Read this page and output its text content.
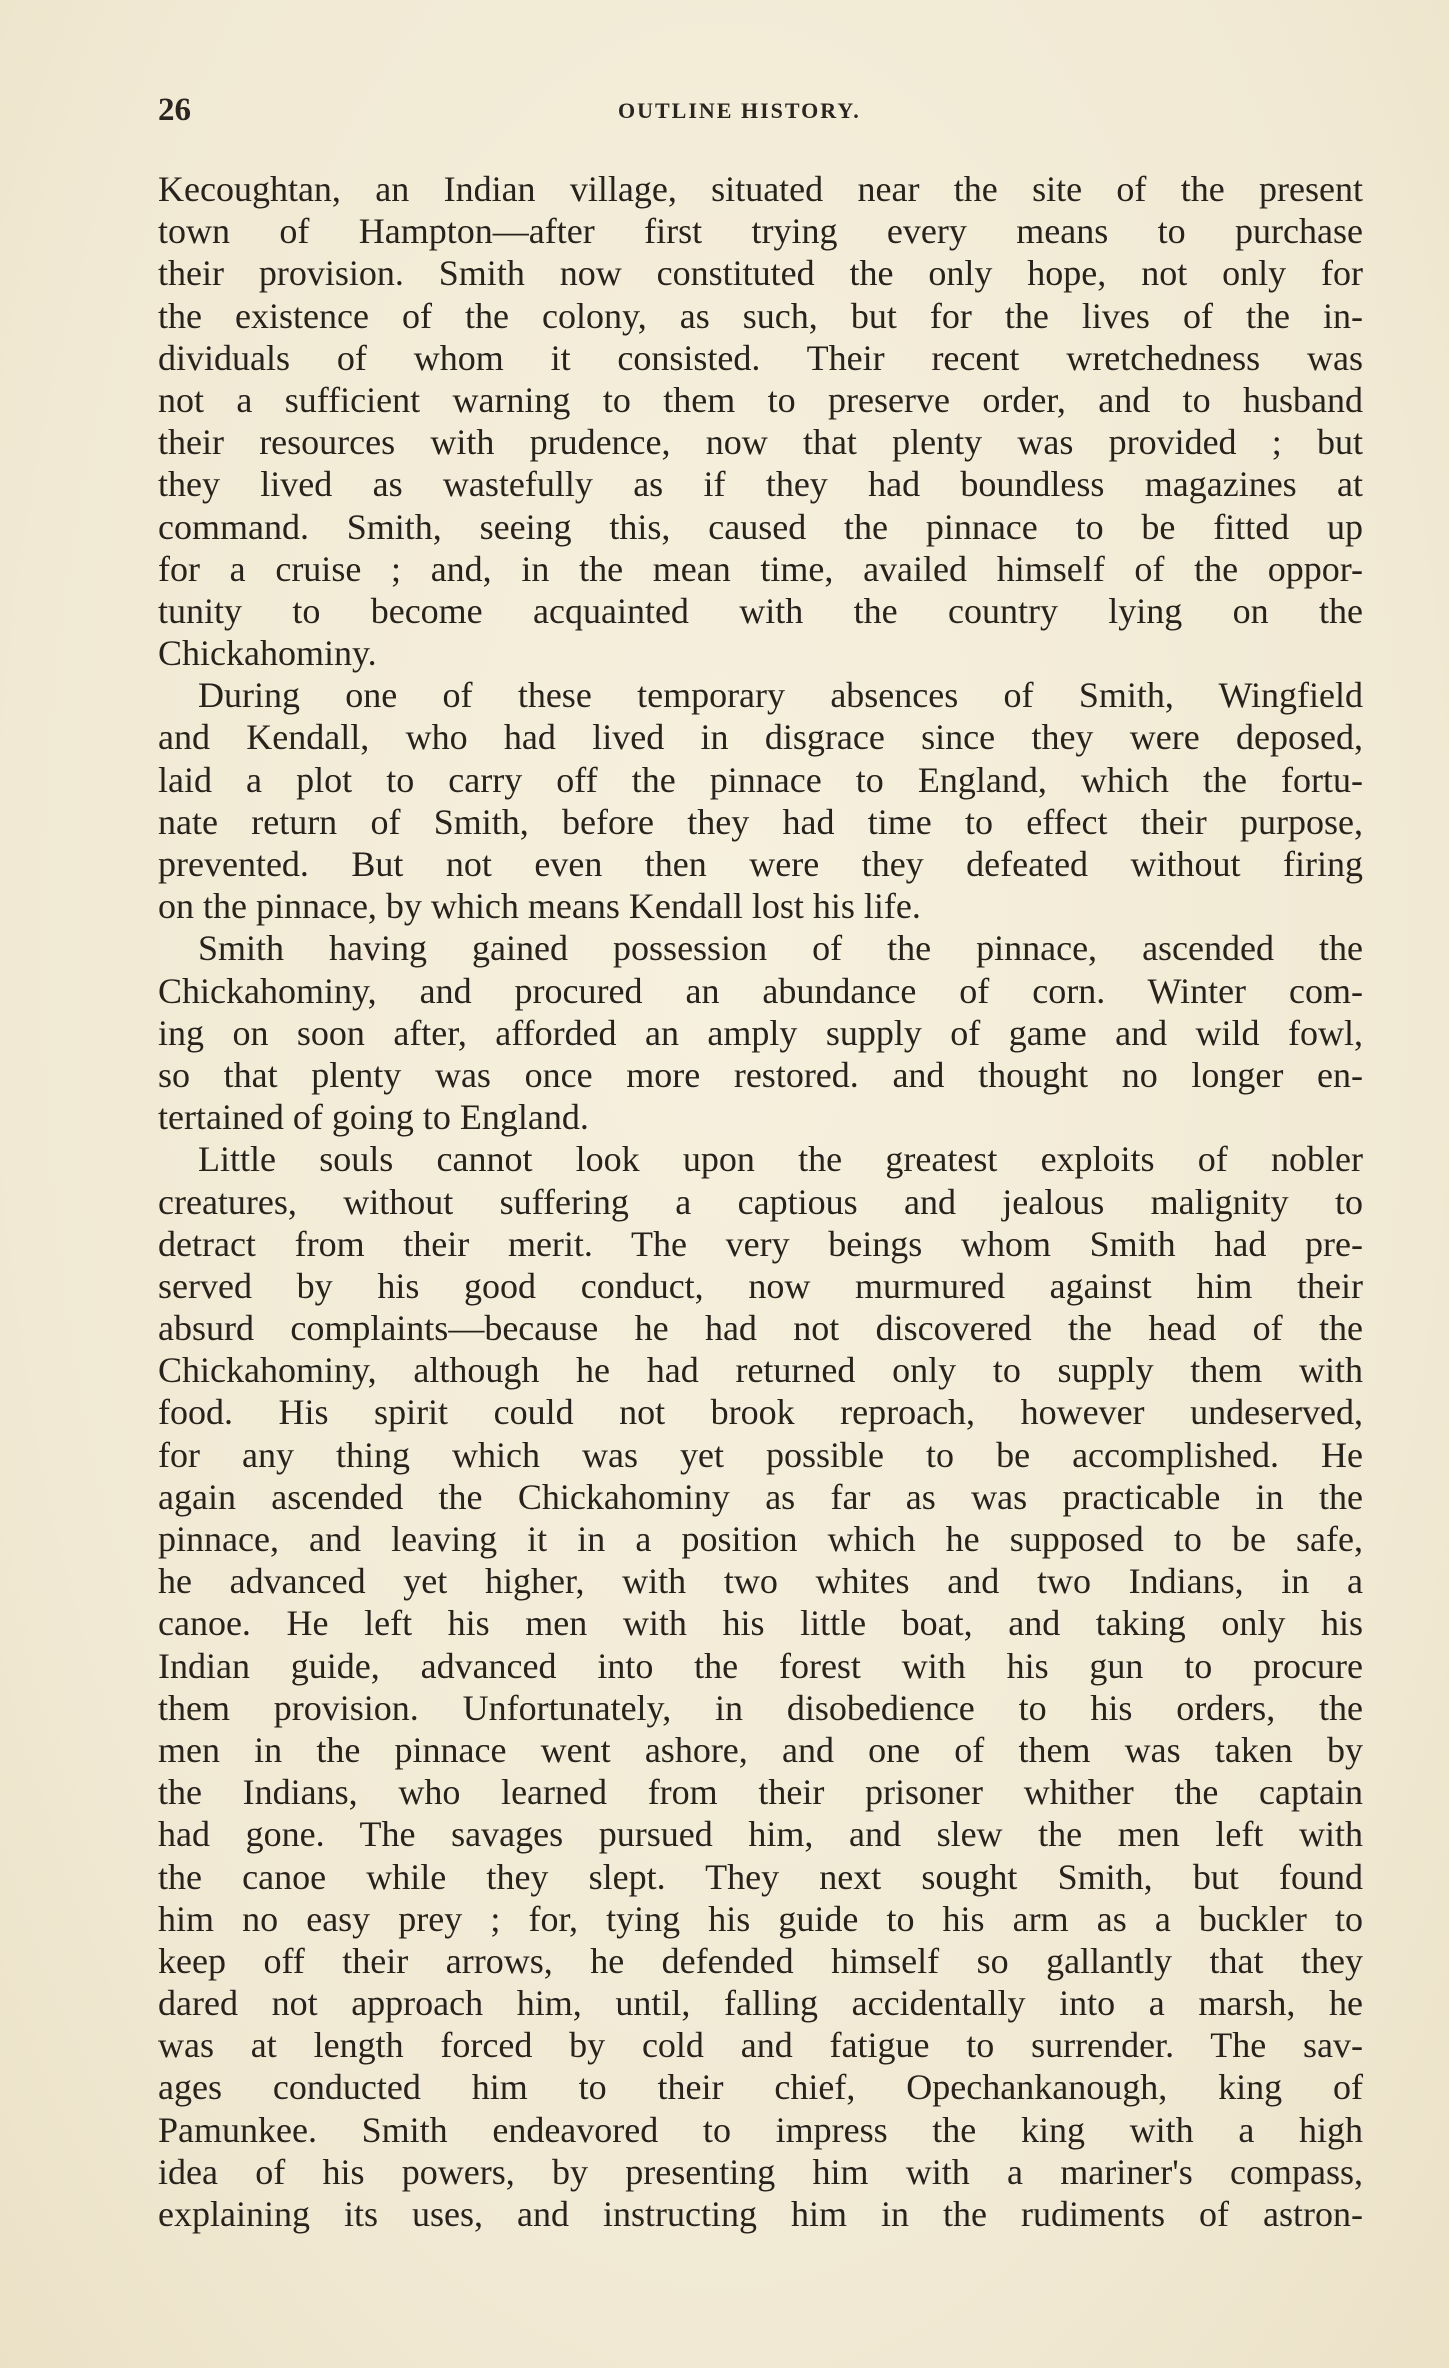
26	OUTLINE HISTORY.
Kecoughtan, an Indian village, situated near the site of the present
town of Hampton—after first trying every means to purchase
their provision. Smith now constituted the only hope, not only for
the existence of the colony, as such, but for the lives of the in-
dividuals of whom it consisted. Their recent wretchedness was
not a sufficient warning to them to preserve order, and to husband
their resources with prudence, now that plenty was provided ; but
they lived as wastefully as if they had boundless magazines at
command. Smith, seeing this, caused the pinnace to be fitted up
for a cruise ; and, in the mean time, availed himself of the oppor-
tunity to become acquainted with the country lying on the
Chickahominy.
During one of these temporary absences of Smith, Wingfield
and Kendall, who had lived in disgrace since they were deposed,
laid a plot to carry off the pinnace to England, which the fortu-
nate return of Smith, before they had time to effect their purpose,
prevented. But not even then were they defeated without firing
on the pinnace, by which means Kendall lost his life.
Smith having gained possession of the pinnace, ascended the
Chickahominy, and procured an abundance of corn. Winter com-
ing on soon after, afforded an amply supply of game and wild fowl,
so that plenty was once more restored. and thought no longer en-
tertained of going to England.
Little souls cannot look upon the greatest exploits of nobler
creatures, without suffering a captious and jealous malignity to
detract from their merit. The very beings whom Smith had pre-
served by his good conduct, now murmured against him their
absurd complaints—because he had not discovered the head of the
Chickahominy, although he had returned only to supply them with
food. His spirit could not brook reproach, however undeserved,
for any thing which was yet possible to be accomplished. He
again ascended the Chickahominy as far as was practicable in the
pinnace, and leaving it in a position which he supposed to be safe,
he advanced yet higher, with two whites and two Indians, in a
canoe. He left his men with his little boat, and taking only his
Indian guide, advanced into the forest with his gun to procure
them provision. Unfortunately, in disobedience to his orders, the
men in the pinnace went ashore, and one of them was taken by
the Indians, who learned from their prisoner whither the captain
had gone. The savages pursued him, and slew the men left with
the canoe while they slept. They next sought Smith, but found
him no easy prey ; for, tying his guide to his arm as a buckler to
keep off their arrows, he defended himself so gallantly that they
dared not approach him, until, falling accidentally into a marsh, he
was at length forced by cold and fatigue to surrender. The sav-
ages conducted him to their chief, Opechankanough, king of
Pamunkee. Smith endeavored to impress the king with a high
idea of his powers, by presenting him with a mariner's compass,
explaining its uses, and instructing him in the rudiments of astron-
